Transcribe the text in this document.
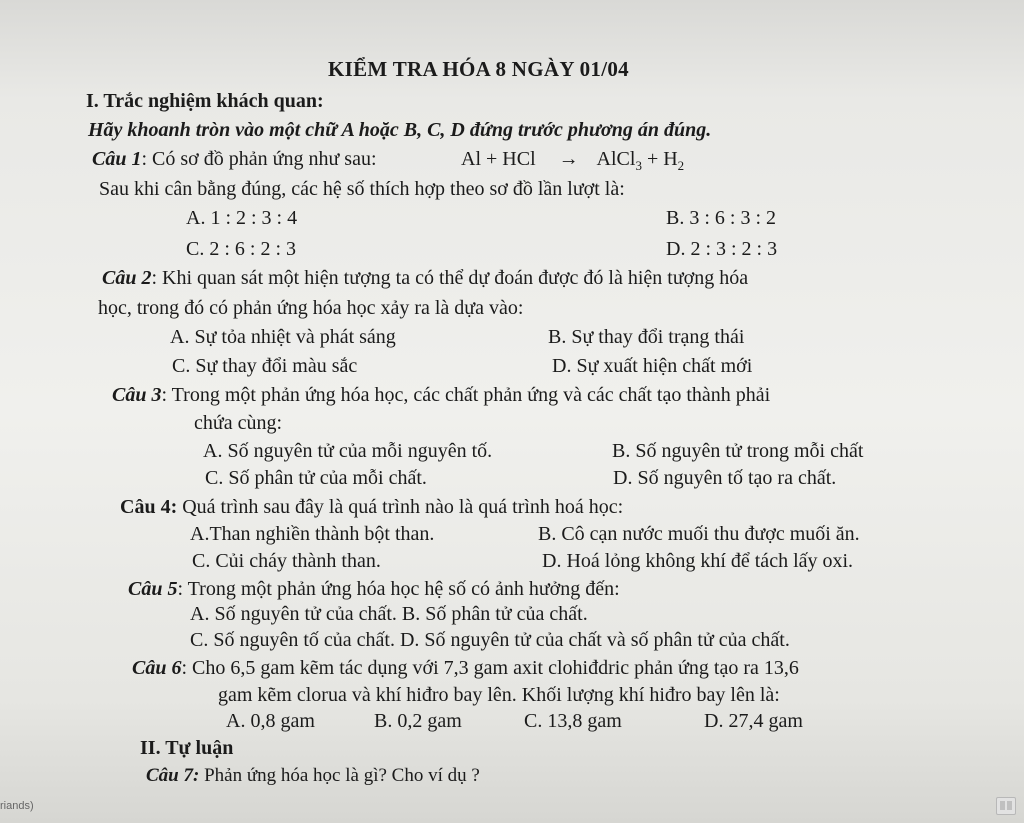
KIỂM TRA HÓA 8 NGÀY 01/04
I. Trắc nghiệm khách quan:
Hãy khoanh tròn vào một chữ A hoặc B, C, D đứng trước phương án đúng.
Câu 1: Có sơ đồ phản ứng như sau:	Al + HCl → AlCl$_3$ + $H_2$
Sau khi cân bằng đúng, các hệ số thích hợp theo sơ đồ lần lượt là:
A. 1 : 2 : 3 : 4	B. 3 : 6 : 3 : 2
C. 2 : 6 : 2 : 3	D. 2 : 3 : 2 : 3
Câu 2: Khi quan sát một hiện tượng ta có thể dự đoán được đó là hiện tượng hóa
học, trong đó có phản ứng hóa học xảy ra là dựa vào:
A. Sự tỏa nhiệt và phát sáng	B. Sự thay đổi trạng thái
C. Sự thay đổi màu sắc	D. Sự xuất hiện chất mới
Câu 3: Trong một phản ứng hóa học, các chất phản ứng và các chất tạo thành phải
chứa cùng:
A. Số nguyên tử của mỗi nguyên tố.	B. Số nguyên tử trong mỗi chất
C. Số phân tử của mỗi chất.	D. Số nguyên tố tạo ra chất.
Câu 4: Quá trình sau đây là quá trình nào là quá trình hoá học:
A.Than nghiền thành bột than.	B. Cô cạn nước muối thu được muối ăn.
C. Củi cháy thành than.	D. Hoá lỏng không khí để tách lấy oxi.
Câu 5: Trong một phản ứng hóa học hệ số có ảnh hưởng đến:
A. Số nguyên tử của chất. B. Số phân tử của chất.
C. Số nguyên tố của chất. D. Số nguyên tử của chất và số phân tử của chất.
Câu 6: Cho 6,5 gam kẽm tác dụng với 7,3 gam axit clohiđdric phản ứng tạo ra 13,6
gam kẽm clorua và khí hiđro bay lên. Khối lượng khí hiđro bay lên là:
A. 0,8 gam	B. 0,2 gam	C. 13,8 gam	D. 27,4 gam
II. Tự luận
Câu 7: Phản ứng hóa học là gì? Cho ví dụ ?
riands)
